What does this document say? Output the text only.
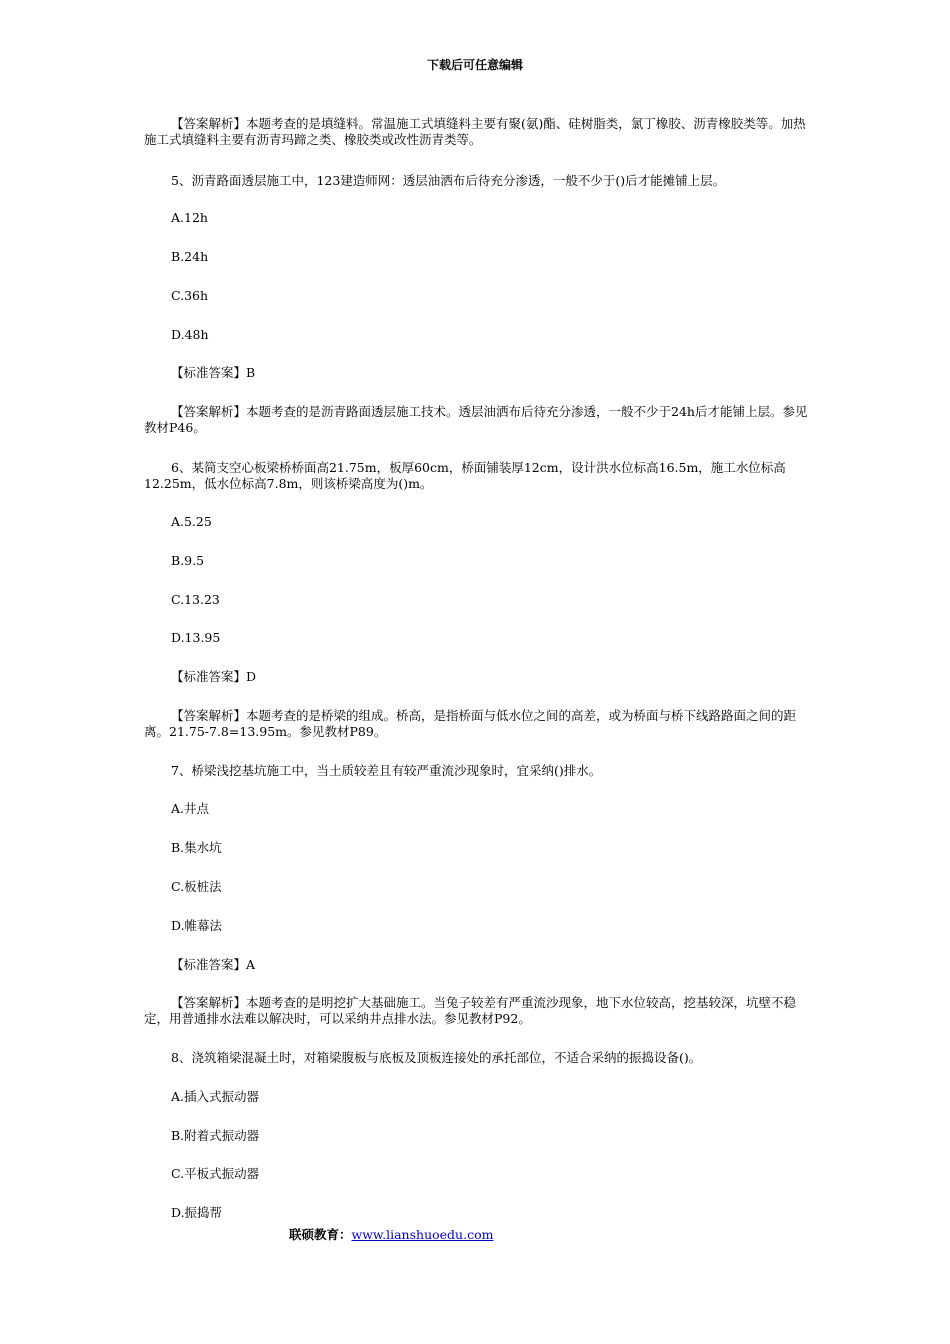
下载后可任意编辑
【答案解析】本题考查的是填缝料。常温施工式填缝料主要有聚(氨)酯、硅树脂类，氯丁橡胶、沥青橡胶类等。加热施工式填缝料主要有沥青玛蹄之类、橡胶类或改性沥青类等。
5、沥青路面透层施工中，123建造师网：透层油洒布后待充分渗透，一般不少于()后才能摊铺上层。
A.12h
B.24h
C.36h
D.48h
【标准答案】B
【答案解析】本题考查的是沥青路面透层施工技术。透层油洒布后待充分渗透，一般不少于24h后才能铺上层。参见教材P46。
6、某简支空心板梁桥桥面高21.75m，板厚60cm，桥面铺装厚12cm，设计洪水位标高16.5m，施工水位标高12.25m，低水位标高7.8m，则该桥梁高度为()m。
A.5.25
B.9.5
C.13.23
D.13.95
【标准答案】D
【答案解析】本题考查的是桥梁的组成。桥高，是指桥面与低水位之间的高差，或为桥面与桥下线路路面之间的距离。21.75-7.8=13.95m。参见教材P89。
7、桥梁浅挖基坑施工中，当土质较差且有较严重流沙现象时，宜采纳()排水。
A.井点
B.集水坑
C.板桩法
D.帷幕法
【标准答案】A
【答案解析】本题考查的是明挖扩大基础施工。当兔子较差有严重流沙现象，地下水位较高，挖基较深，坑壁不稳定，用普通排水法难以解决时，可以采纳井点排水法。参见教材P92。
8、浇筑箱梁混凝土时，对箱梁腹板与底板及顶板连接处的承托部位，不适合采纳的振捣设备()。
A.插入式振动器
B.附着式振动器
C.平板式振动器
D.振捣帮
联硕教育：www.lianshuoedu.com
